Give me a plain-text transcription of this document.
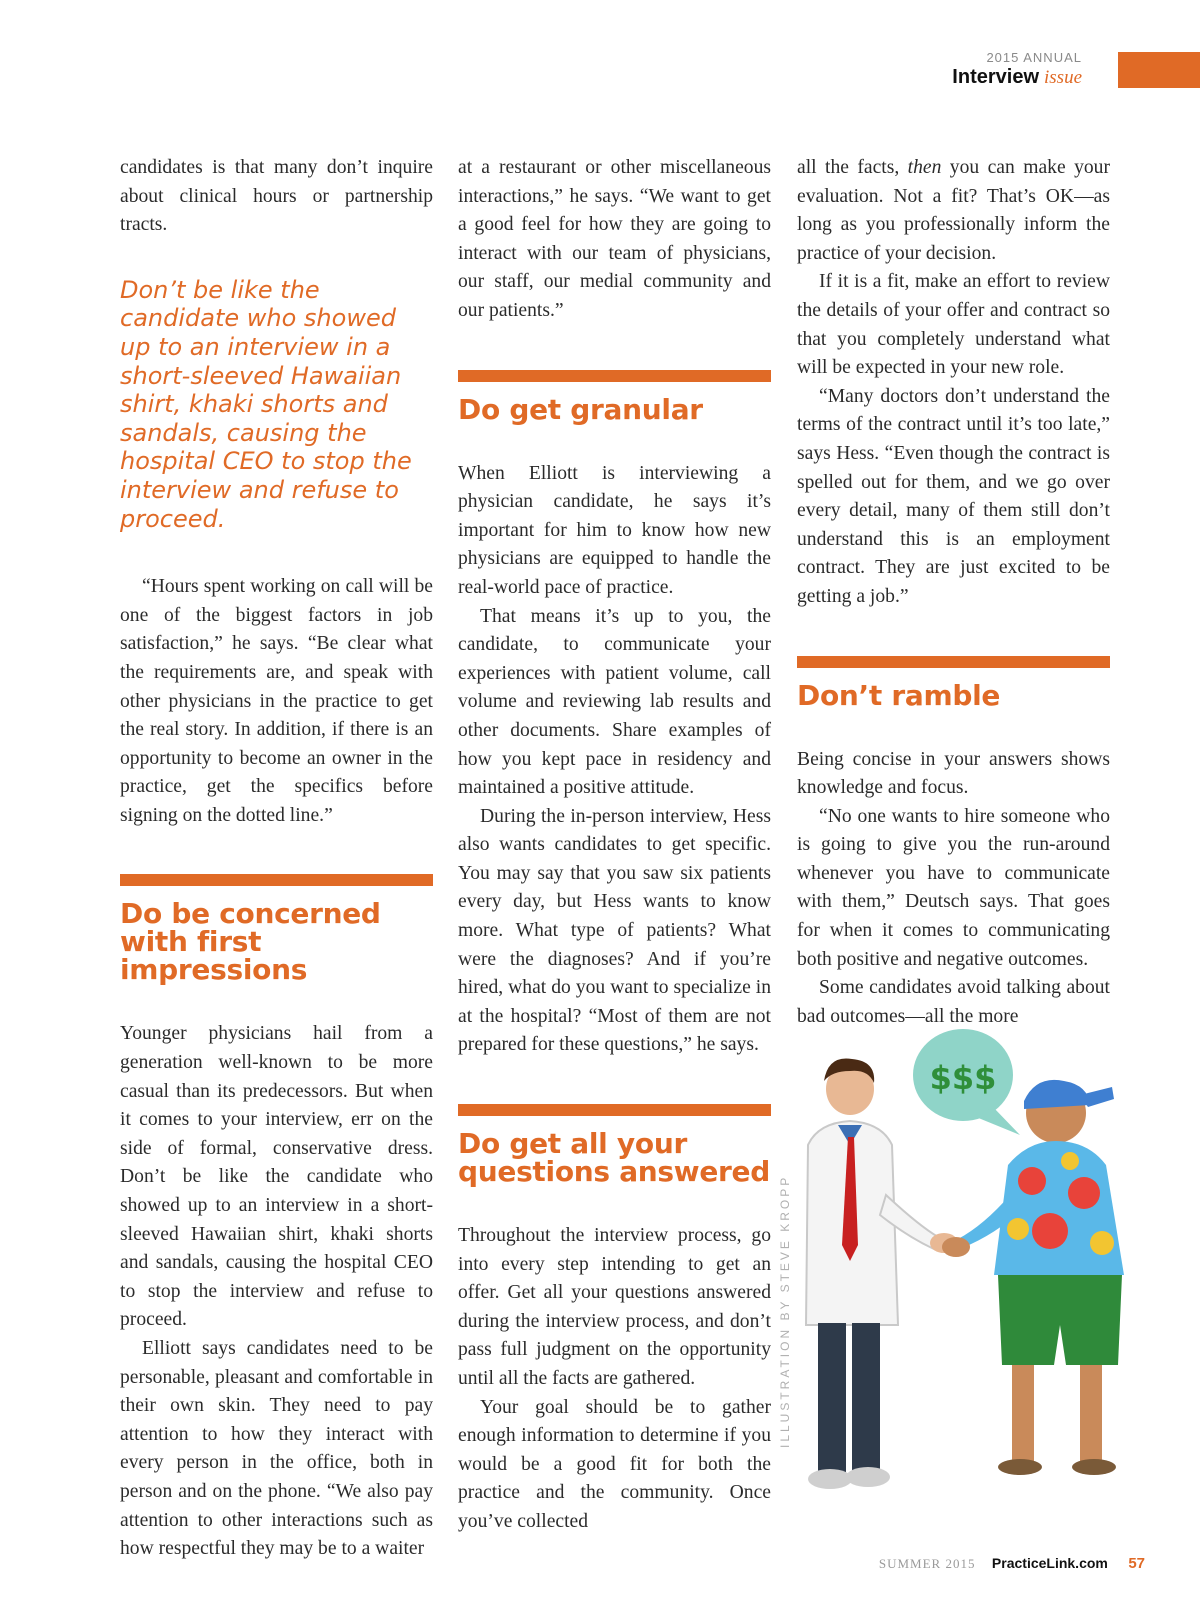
2015 ANNUAL
Interview issue

candidates is that many don’t inquire about clinical hours or partnership tracts.

Don’t be like the candidate who showed up to an interview in a short-sleeved Hawaiian shirt, khaki shorts and sandals, causing the hospital CEO to stop the interview and refuse to proceed.

“Hours spent working on call will be one of the biggest factors in job satisfaction,” he says. “Be clear what the requirements are, and speak with other physicians in the practice to get the real story. In addition, if there is an opportunity to become an owner in the practice, get the specifics before signing on the dotted line.”

Do be concerned with first impressions

Younger physicians hail from a generation well-known to be more casual than its predecessors. But when it comes to your interview, err on the side of formal, conservative dress. Don’t be like the candidate who showed up to an interview in a short-sleeved Hawaiian shirt, khaki shorts and sandals, causing the hospital CEO to stop the interview and refuse to proceed.

Elliott says candidates need to be personable, pleasant and comfortable in their own skin. They need to pay attention to how they interact with every person in the office, both in person and on the phone. “We also pay attention to other interactions such as how respectful they may be to a waiter

at a restaurant or other miscellaneous interactions,” he says. “We want to get a good feel for how they are going to interact with our team of physicians, our staff, our medial community and our patients.”

Do get granular

When Elliott is interviewing a physician candidate, he says it’s important for him to know how new physicians are equipped to handle the real-world pace of practice.

That means it’s up to you, the candidate, to communicate your experiences with patient volume, call volume and reviewing lab results and other documents. Share examples of how you kept pace in residency and maintained a positive attitude.

During the in-person interview, Hess also wants candidates to get specific. You may say that you saw six patients every day, but Hess wants to know more. What type of patients? What were the diagnoses? And if you’re hired, what do you want to specialize in at the hospital? “Most of them are not prepared for these questions,” he says.

Do get all your questions answered

Throughout the interview process, go into every step intending to get an offer. Get all your questions answered during the interview process, and don’t pass full judgment on the opportunity until all the facts are gathered.

Your goal should be to gather enough information to determine if you would be a good fit for both the practice and the community. Once you’ve collected

all the facts, then you can make your evaluation. Not a fit? That’s OK—as long as you professionally inform the practice of your decision.

If it is a fit, make an effort to review the details of your offer and contract so that you completely understand what will be expected in your new role.

“Many doctors don’t understand the terms of the contract until it’s too late,” says Hess. “Even though the contract is spelled out for them, and we go over every detail, many of them still don’t understand this is an employment contract. They are just excited to be getting a job.”

Don’t ramble

Being concise in your answers shows knowledge and focus.

“No one wants to hire someone who is going to give you the run-around whenever you have to communicate with them,” Deutsch says. That goes for when it comes to communicating both positive and negative outcomes.

Some candidates avoid talking about bad outcomes—all the more

ILLUSTRATION BY STEVE KROPP
$$$
SUMMER 2015 PracticeLink.com 57
